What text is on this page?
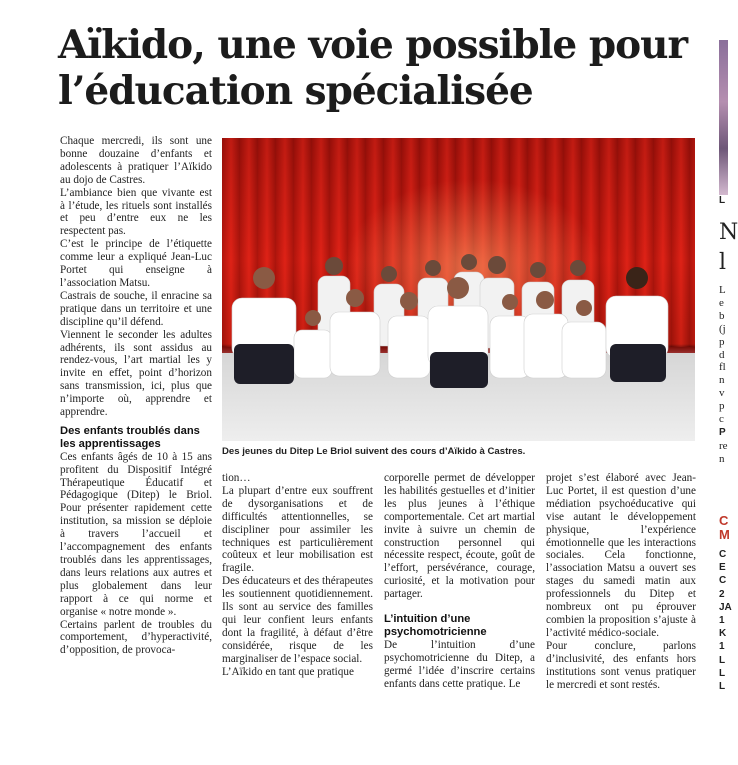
Aïkido, une voie possible pour
l’éducation spécialisée

Chaque mercredi, ils sont une bonne douzaine d’enfants et adolescents à pratiquer l’Aïkido au dojo de Castres.

L’ambiance bien que vivante est à l’étude, les rituels sont installés et peu d’entre eux ne les respectent pas.

C’est le principe de l’étiquette comme leur a expliqué Jean-Luc Portet qui enseigne à l’association Matsu.

Castrais de souche, il enracine sa pratique dans un territoire et une discipline qu’il défend.

Viennent le seconder les adultes adhérents, ils sont assidus au rendez-vous, l’art martial les y invite en effet, point d’horizon sans transmission, ici, plus que n’importe où, apprendre et apprendre.

Des enfants troublés dans les apprentissages

Ces enfants âgés de 10 à 15 ans profitent du Dispositif Intégré Thérapeutique Éducatif et Pédagogique (Ditep) le Briol. Pour présenter rapidement cette institution, sa mission se déploie à travers l’accueil et l’accompagnement des enfants troublés dans les apprentissages, dans leurs relations aux autres et plus globalement dans leur rapport à ce qui norme et organise « notre monde ».

Certains parlent de troubles du comportement, d’hyperactivité, d’opposition, de provoca-

Des jeunes du Ditep Le Briol suivent des cours d’Aïkido à Castres.

tion…

La plupart d’entre eux souffrent de dysorganisations et de difficultés attentionnelles, se discipliner pour assimiler les techniques est particulièrement coûteux et leur mobilisation est fragile.

Des éducateurs et des thérapeutes les soutiennent quotidiennement. Ils sont au service des familles qui leur confient leurs enfants dont la fragilité, à défaut d’être considérée, risque de les marginaliser de l’espace social.

L’Aïkido en tant que pratique

corporelle permet de développer les habilités gestuelles et d’initier les plus jeunes à l’éthique comportementale. Cet art martial invite à suivre un chemin de construction personnel qui nécessite respect, écoute, goût de l’effort, persévérance, courage, curiosité, et la motivation pour partager.

L’intuition d’une psychomotricienne

De l’intuition d’une psychomotricienne du Ditep, a germé l’idée d’inscrire certains enfants dans cette pratique. Le

projet s’est élaboré avec Jean-Luc Portet, il est question d’une médiation psychoéducative qui vise autant le développement physique, l’expérience émotionnelle que les interactions sociales. Cela fonctionne, l’association Matsu a ouvert ses stages du samedi matin aux professionnels du Ditep et nombreux ont pu éprouver combien la proposition s’ajuste à l’activité médico-sociale.

Pour conclure, parlons d’inclusivité, des enfants hors institutions sont venus pratiquer le mercredi et sont restés.

L
N
l
L
e
b
(j
p
d
fl
n
v
p
c
P
re
n
C
M
C
E
C
2
JA
1
K
1
L
L
L
